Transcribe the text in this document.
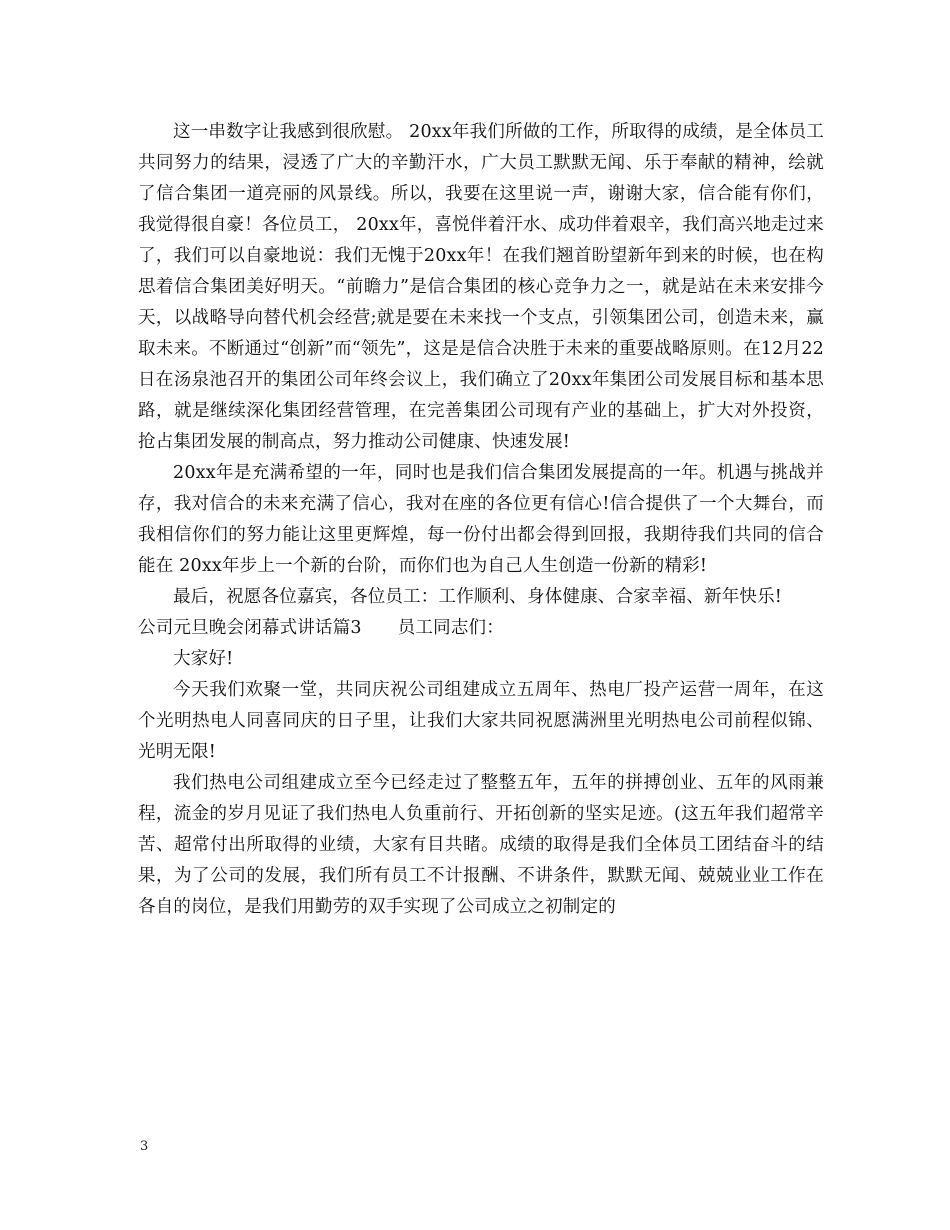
这一串数字让我感到很欣慰。 20xx年我们所做的工作，所取得的成绩，是全体员工共同努力的结果，浸透了广大的辛勤汗水，广大员工默默无闻、乐于奉献的精神，绘就了信合集团一道亮丽的风景线。所以，我要在这里说一声，谢谢大家，信合能有你们，我觉得很自豪！各位员工， 20xx年，喜悦伴着汗水、成功伴着艰辛，我们高兴地走过来了，我们可以自豪地说：我们无愧于20xx年！在我们翘首盼望新年到来的时候，也在构思着信合集团美好明天。“前瞻力”是信合集团的核心竞争力之一，就是站在未来安排今天，以战略导向替代机会经营;就是要在未来找一个支点，引领集团公司，创造未来，赢取未来。不断通过“创新”而“领先”，这是是信合决胜于未来的重要战略原则。在12月22日在汤泉池召开的集团公司年终会议上，我们确立了20xx年集团公司发展目标和基本思路，就是继续深化集团经营管理，在完善集团公司现有产业的基础上，扩大对外投资，抢占集团发展的制高点，努力推动公司健康、快速发展!

20xx年是充满希望的一年，同时也是我们信合集团发展提高的一年。机遇与挑战并存，我对信合的未来充满了信心，我对在座的各位更有信心!信合提供了一个大舞台，而我相信你们的努力能让这里更辉煌，每一份付出都会得到回报，我期待我们共同的信合能在 20xx年步上一个新的台阶，而你们也为自己人生创造一份新的精彩!

最后，祝愿各位嘉宾，各位员工：工作顺利、身体健康、合家幸福、新年快乐!

公司元旦晚会闭幕式讲话篇3 员工同志们：

大家好!

今天我们欢聚一堂，共同庆祝公司组建成立五周年、热电厂投产运营一周年，在这个光明热电人同喜同庆的日子里，让我们大家共同祝愿满洲里光明热电公司前程似锦、光明无限!

我们热电公司组建成立至今已经走过了整整五年，五年的拼搏创业、五年的风雨兼程，流金的岁月见证了我们热电人负重前行、开拓创新的坚实足迹。(这五年我们超常辛苦、超常付出所取得的业绩，大家有目共睹。成绩的取得是我们全体员工团结奋斗的结果，为了公司的发展，我们所有员工不计报酬、不讲条件，默默无闻、兢兢业业工作在各自的岗位，是我们用勤劳的双手实现了公司成立之初制定的

3
